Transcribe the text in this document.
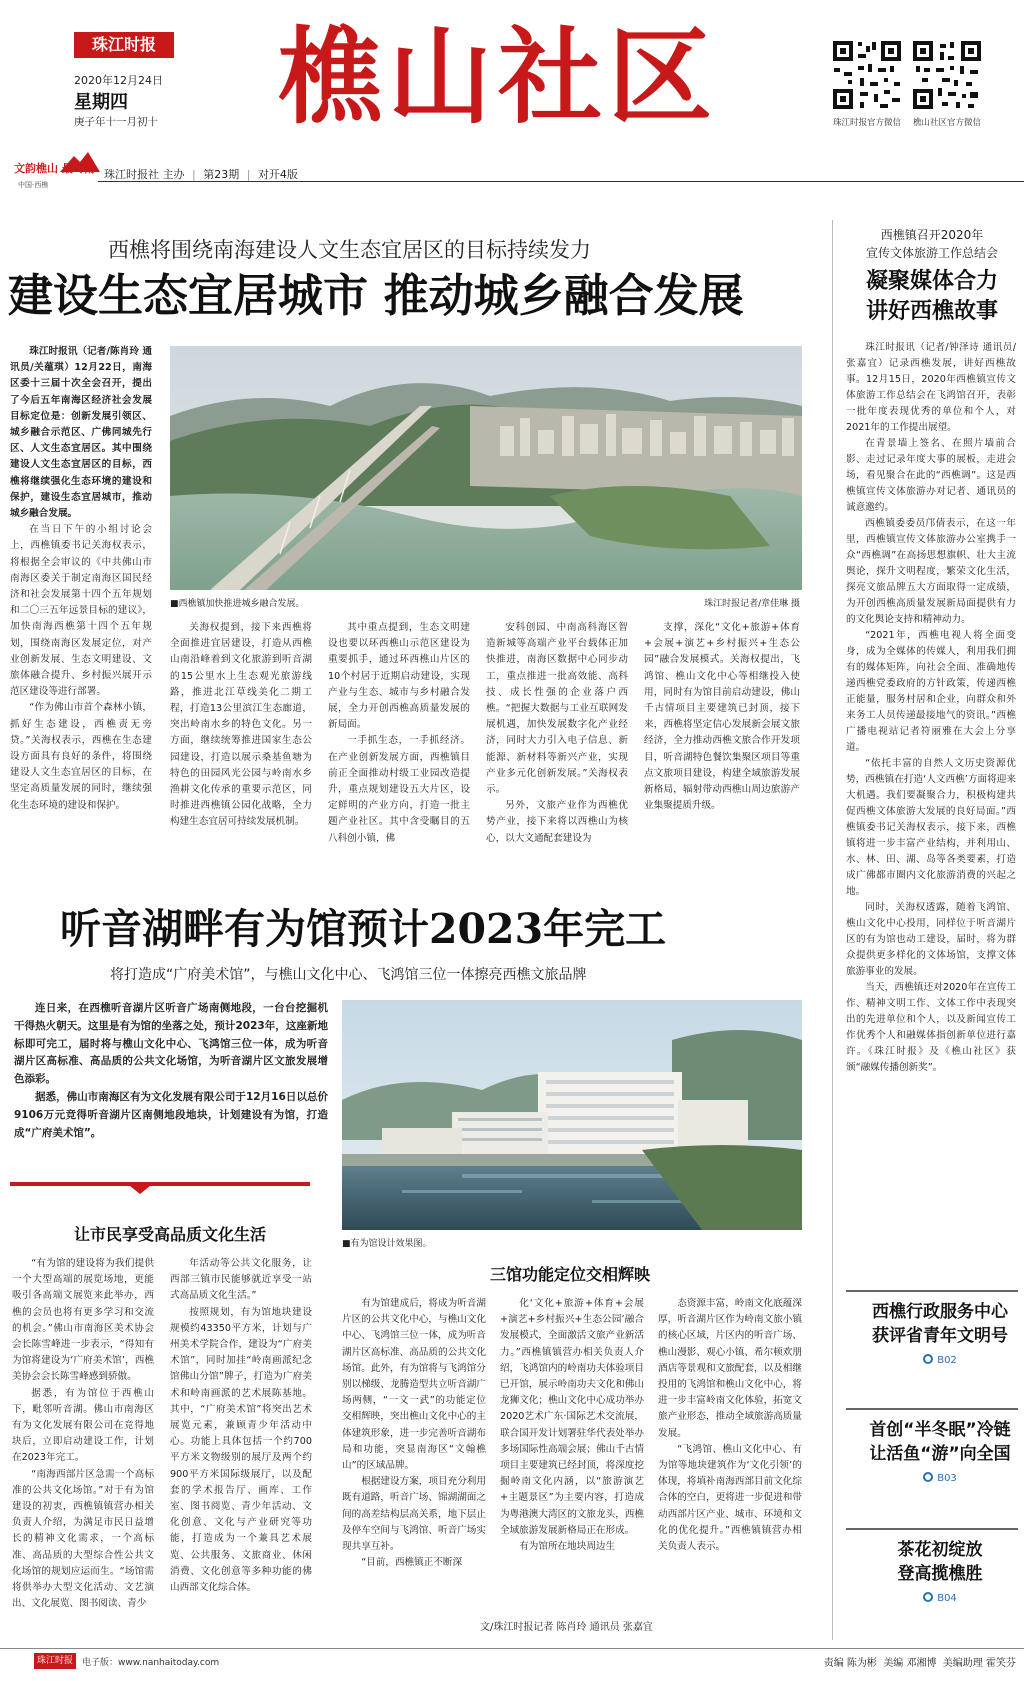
珠江时报
2020年12月24日
星期四
庚子年十一月初十 樵山社区	珠江时报官方微信	樵山社区官方微信
文韵樵山 最岭南
中国·西樵
珠江时报社 主办 | 第23期 | 对开4版
西樵将围绕南海建设人文生态宜居区的目标持续发力
建设生态宜居城市 推动城乡融合发展

珠江时报讯（记者/陈肖玲 通讯员/关蕴琪）12月22日，南海区委十三届十次全会召开，提出了今后五年南海区经济社会发展目标定位是：创新发展引领区、城乡融合示范区、广佛同城先行区、人文生态宜居区。其中围绕建设人文生态宜居区的目标，西樵将继续强化生态环境的建设和保护，建设生态宜居城市，推动城乡融合发展。

在当日下午的小组讨论会上，西樵镇委书记关海权表示，将根据全会审议的《中共佛山市南海区委关于制定南海区国民经济和社会发展第十四个五年规划和二〇三五年远景目标的建议》，加快南海西樵第十四个五年规划，围绕南海区发展定位，对产业创新发展、生态文明建设、文旅体融合提升、乡村振兴展开示范区建设等进行部署。

“作为佛山市首个森林小镇，抓好生态建设，西樵责无旁贷。”关海权表示，西樵在生态建设方面具有良好的条件，将围绕建设人文生态宜居区的目标，在坚定高质量发展的同时，继续强化生态环境的建设和保护。

■西樵镇加快推进城乡融合发展。	珠江时报记者/章佳琳 摄

关海权提到，接下来西樵将全面推进宜居建设，打造从西樵山南沿峰着到文化旅游到听音湖的15公里水上生态观光旅游线路，推进北江草线美化二期工程，打造13公里滨江生态廊道，突出岭南水乡的特色文化。另一方面，继续统筹推进国家生态公园建设，打造以展示桑基鱼塘为特色的田园风光公园与岭南水乡渔耕文化传承的重要示范区，同时推进西樵镇公园化战略，全力构建生态宜居可持续发展机制。

其中重点提到，生态文明建设也要以环西樵山示范区建设为重要抓手，通过环西樵山片区的10个村居于近期启动建设，实现产业与生态、城市与乡村融合发展，全力开创西樵高质量发展的新局面。

一手抓生态，一手抓经济。在产业创新发展方面，西樵镇目前正全面推动村级工业园改造提升，重点规划建设五大片区，设定鲜明的产业方向，打造一批主题产业社区。其中含受瞩目的五八科创小镇，佛

安科创园、中南高科海区智造新城等高端产业平台载体正加快推进，南海区数据中心同步动工，重点推进一批高效能、高科技、成长性强的企业落户西樵。“把握大数据与工业互联网发展机遇，加快发展数字化产业经济，同时大力引入电子信息、新能源、新材料等新兴产业，实现产业多元化创新发展。”关海权表示。

另外，文旅产业作为西樵优势产业，接下来将以西樵山为核心，以大文通配套建设为

支撑，深化“文化+旅游+体育+会展+演艺+乡村振兴+生态公园”融合发展模式。关海权提出，飞鸿馆、樵山文化中心等相继投入使用，同时有为馆目前启动建设，佛山千古情项目主要建筑已封顶，接下来，西樵将坚定信心发展新会展文旅经济，全力推动西樵文旅合作开发项目，听音湖特色餐饮集聚区项目等重点文旅项目建设，构建全域旅游发展新格局，辐射带动西樵山周边旅游产业集聚提质升级。

听音湖畔有为馆预计2023年完工
将打造成“广府美术馆”，与樵山文化中心、飞鸿馆三位一体擦亮西樵文旅品牌

连日来，在西樵听音湖片区听音广场南侧地段，一台台挖掘机干得热火朝天。这里是有为馆的坐落之处，预计2023年，这座新地标即可完工，届时将与樵山文化中心、飞鸿馆三位一体，成为听音湖片区高标准、高品质的公共文化场馆，为听音湖片区文旅发展增色添彩。

据悉，佛山市南海区有为文化发展有限公司于12月16日以总价9106万元竞得听音湖片区南侧地段地块，计划建设有为馆，打造成“广府美术馆”。

■有为馆设计效果图。
让市民享受高品质文化生活

“有为馆的建设将为我们提供一个大型高端的展览场地，更能吸引各高端文展览来此举办，西樵的会员也将有更多学习和交流的机会。”佛山市南海区美术协会会长陈雪峰进一步表示，“得知有为馆将建设为‘广府美术馆’，西樵美协会会长陈雪峰感到骄傲。

据悉，有为馆位于西樵山下，毗邻听音湖。佛山市南海区有为文化发展有限公司在竞得地块后，立即启动建设工作，计划在2023年完工。

“南海西部片区急需一个高标准的公共文化场馆。”对于有为馆建设的初衷，西樵镇镇营办相关负责人介绍，为满足市民日益增长的精神文化需求，一个高标准、高品质的大型综合性公共文化场馆的规划应运而生。“场馆需将供举办大型文化活动、文艺演出、文化展览、图书阅读、青少

年活动等公共文化服务，让西部三镇市民能够就近享受一站式高品质文化生活。”

按照规划，有为馆地块建设规模约43350平方米，计划与广州美术学院合作，建设为“广府美术馆”，同时加挂“岭南画派纪念馆佛山分馆”牌子，打造为广府美术和岭南画派的艺术展陈基地。其中，“广府美术馆”将突出艺术展览元素，兼顾青少年活动中心。功能上具体包括一个约700平方米文物级别的展厅及两个约900平方米国际级展厅，以及配套的学术报告厅、画库、工作室、图书阅览、青少年活动、文化创意、文化与产业研究等功能，打造成为一个兼具艺术展览、公共服务、文旅商业、休闲消费、文化创意等多种功能的佛山西部文化综合体。

三馆功能定位交相辉映

有为馆建成后，将成为听音湖片区的公共文化中心，与樵山文化中心、飞鸿馆三位一体，成为听音湖片区高标准、高品质的公共文化场馆。此外，有为馆将与飞鸿馆分别以梯级、龙腾造型共立听音湖广场两侧，“一文一武”的功能定位交相辉映，突出樵山文化中心的主体建筑形象，进一步完善听音湖布局和功能，突显南海区“文翰樵山”的区域品牌。

根据建设方案，项目充分利用既有道路，听音广场、锦湖湖面之间的高差结构层高关系，地下层止及停车空间与飞鸿馆、听音广场实现共享互补。

“目前，西樵镇正不断深

化‘文化+旅游+体育+会展+演艺+乡村振兴+生态公园’融合发展模式，全面激活文旅产业新活力。”西樵镇镇营办相关负责人介绍，飞鸿馆内的岭南功夫体验项目已开馆，展示岭南功夫文化和佛山龙狮文化；樵山文化中心成功举办2020艺术广东·国际艺术交流展，联合国开发计划署驻华代表处举办多场国际性高端会展；佛山千古情项目主要建筑已经封顶，将深度挖掘岭南文化内涵，以“旅游演艺+主题景区”为主要内容，打造成为粤港澳大湾区的文旅龙头，西樵全域旅游发展新格局正在形成。

有为馆所在地块周边生

态资源丰富，岭南文化底蕴深厚，听音湖片区作为岭南文旅小镇的核心区域，片区内的听音广场、樵山漫影、观心小镇、希尔顿欢朋酒店等景观和文旅配套，以及相继投用的飞鸿馆和樵山文化中心，将进一步丰富岭南文化体验，拓宽文旅产业形态，推动全域旅游高质量发展。

“飞鸿馆、樵山文化中心、有为馆等地块建筑作为‘文化引领’的体现，将填补南海西部目前文化综合体的空白，更将进一步促进和带动西部片区产业、城市、环境和文化的优化提升。”西樵镇镇营办相关负责人表示。

文/珠江时报记者 陈肖玲 通讯员 张嘉宜
西樵镇召开2020年
宣传文体旅游工作总结会
凝聚媒体合力
讲好西樵故事

珠江时报讯（记者/钟泽诗 通讯员/张嘉宜）记录西樵发展，讲好西樵故事。12月15日，2020年西樵镇宣传文体旅游工作总结会在飞鸿馆召开，表彰一批年度表现优秀的单位和个人，对2021年的工作提出展望。

在青景墙上签名、在照片墙前合影、走过记录年度大事的展板，走进会场，看见聚合在此的“西樵调”。这是西樵镇宣传文体旅游办对记者、通讯员的诚意邀约。

西樵镇委委员邝倩表示，在这一年里，西樵镇宣传文体旅游办公室携手一众“西樵调”在高扬思想旗帜、壮大主流舆论，探升文明程度，繁荣文化生活，探亮文旅品牌五大方面取得一定成绩，为开创西樵高质量发展新局面提供有力的文化舆论支持和精神动力。

“2021年，西樵电视人将全面变身，成为全媒体的传媒人，利用我们拥有的媒体矩阵，向社会全面、准确地传递西樵党委政府的方针政策，传递西樵正能量，服务村居和企业，向群众和外来务工人员传递最接地气的资讯。”西樵广播电视站记者符丽雅在大会上分享道。

“依托丰富的自然人文历史资源优势，西樵镇在打造‘人文西樵’方面将迎来大机遇。我们要凝聚合力，积极构建共促西樵文体旅游大发展的良好局面。”西樵镇委书记关海权表示，接下来，西樵镇将进一步丰富产业结构，并利用山、水、林、田、湖、岛等各类要素，打造成广佛都市圈内文化旅游消费的兴起之地。

同时，关海权透露，随着飞鸿馆、樵山文化中心投用，同样位于听音湖片区的有为馆也动工建设，届时，将为群众提供更多样化的文体场馆，支撑文体旅游事业的发展。

当天，西樵镇还对2020年在宣传工作、精神文明工作、文体工作中表现突出的先进单位和个人，以及新闻宣传工作优秀个人和融媒体指创新单位进行嘉许。《珠江时报》及《樵山社区》获颁“融媒传播创新奖”。

西樵行政服务中心
获评省青年文明号
B02
首创“半冬眠”冷链
让活鱼“游”向全国
B03
茶花初绽放
登高揽樵胜
B04
珠江时报	电子版：www.nanhaitoday.com	责编 陈为彬  美编 邓湘博  美编助理 霍笑芬
